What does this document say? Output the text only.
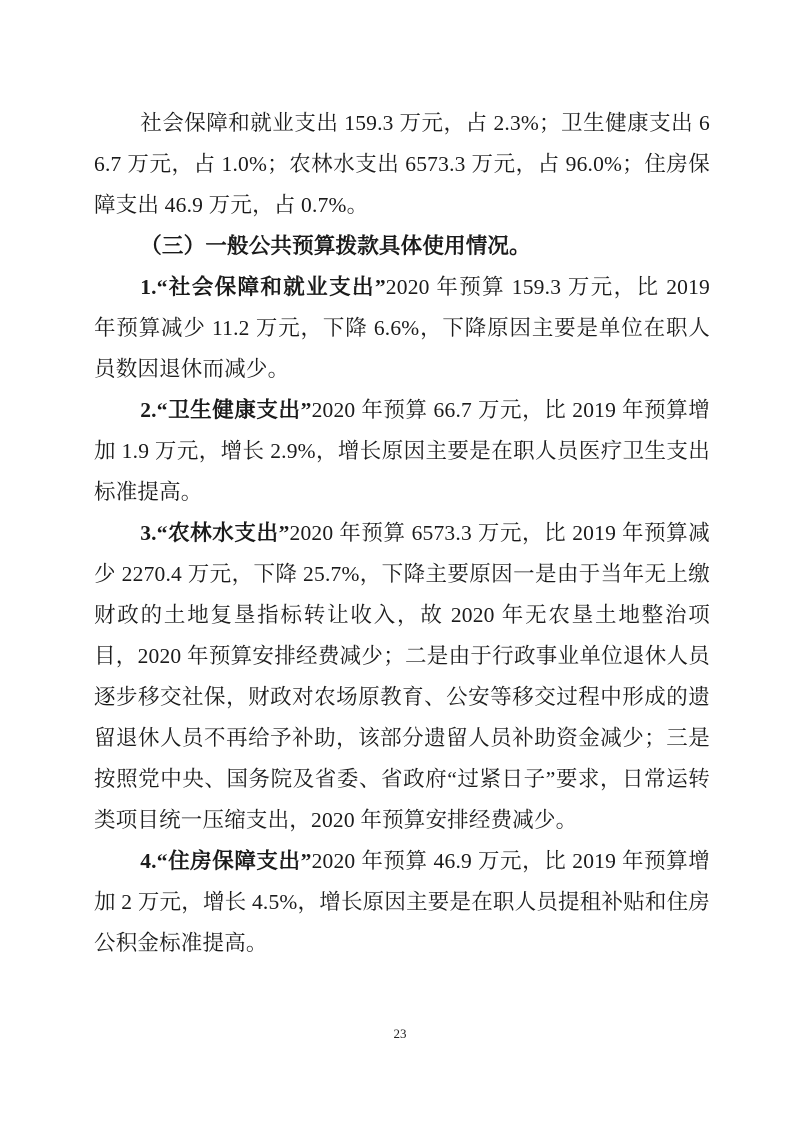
社会保障和就业支出 159.3 万元，占 2.3%；卫生健康支出 66.7 万元，占 1.0%；农林水支出 6573.3 万元，占 96.0%；住房保障支出 46.9 万元，占 0.7%。

（三）一般公共预算拨款具体使用情况。

1.“社会保障和就业支出”2020 年预算 159.3 万元，比 2019 年预算减少 11.2 万元，下降 6.6%，下降原因主要是单位在职人员数因退休而减少。

2.“卫生健康支出”2020 年预算 66.7 万元，比 2019 年预算增加 1.9 万元，增长 2.9%，增长原因主要是在职人员医疗卫生支出标准提高。

3.“农林水支出”2020 年预算 6573.3 万元，比 2019 年预算减少 2270.4 万元，下降 25.7%，下降主要原因一是由于当年无上缴财政的土地复垦指标转让收入，故 2020 年无农垦土地整治项目，2020 年预算安排经费减少；二是由于行政事业单位退休人员逐步移交社保，财政对农场原教育、公安等移交过程中形成的遗留退休人员不再给予补助，该部分遗留人员补助资金减少；三是按照党中央、国务院及省委、省政府“过紧日子”要求，日常运转类项目统一压缩支出，2020 年预算安排经费减少。

4.“住房保障支出”2020 年预算 46.9 万元，比 2019 年预算增加 2 万元，增长 4.5%，增长原因主要是在职人员提租补贴和住房公积金标准提高。

23
